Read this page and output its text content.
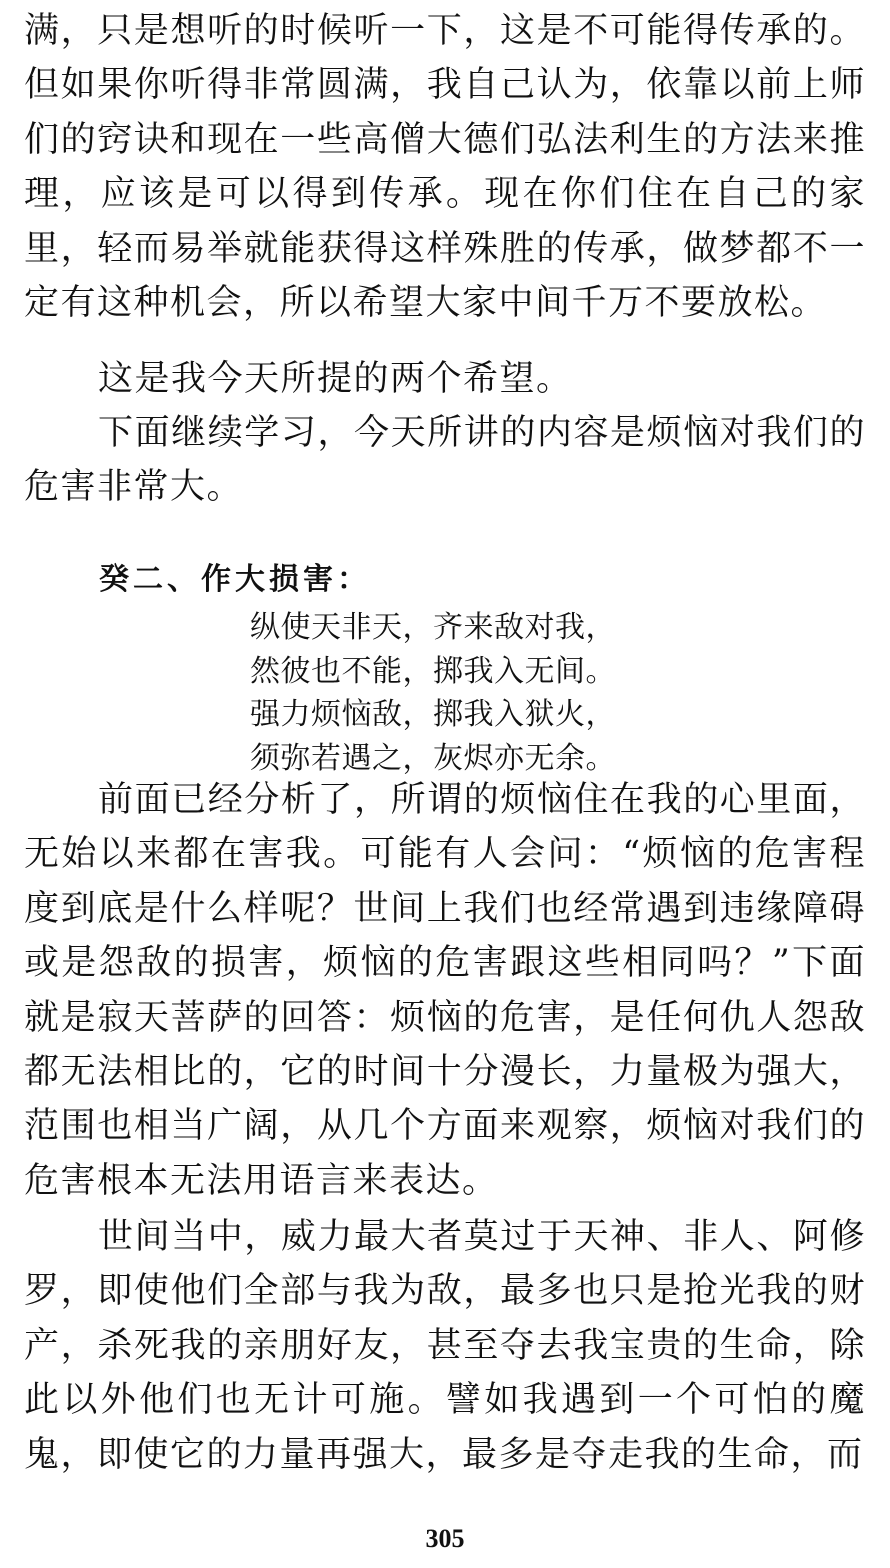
满，只是想听的时候听一下，这是不可能得传承的。但如果你听得非常圆满，我自己认为，依靠以前上师们的窍诀和现在一些高僧大德们弘法利生的方法来推理，应该是可以得到传承。现在你们住在自己的家里，轻而易举就能获得这样殊胜的传承，做梦都不一定有这种机会，所以希望大家中间千万不要放松。

这是我今天所提的两个希望。

下面继续学习，今天所讲的内容是烦恼对我们的危害非常大。

癸二、作大损害：
纵使天非天，齐来敌对我，
然彼也不能，掷我入无间。
强力烦恼敌，掷我入狱火，
须弥若遇之，灰烬亦无余。

前面已经分析了，所谓的烦恼住在我的心里面，无始以来都在害我。可能有人会问：“烦恼的危害程度到底是什么样呢？世间上我们也经常遇到违缘障碍或是怨敌的损害，烦恼的危害跟这些相同吗？”下面就是寂天菩萨的回答：烦恼的危害，是任何仇人怨敌都无法相比的，它的时间十分漫长，力量极为强大，范围也相当广阔，从几个方面来观察，烦恼对我们的危害根本无法用语言来表达。

世间当中，威力最大者莫过于天神、非人、阿修罗，即使他们全部与我为敌，最多也只是抢光我的财产，杀死我的亲朋好友，甚至夺去我宝贵的生命，除此以外他们也无计可施。譬如我遇到一个可怕的魔鬼，即使它的力量再强大，最多是夺走我的生命，而

305
